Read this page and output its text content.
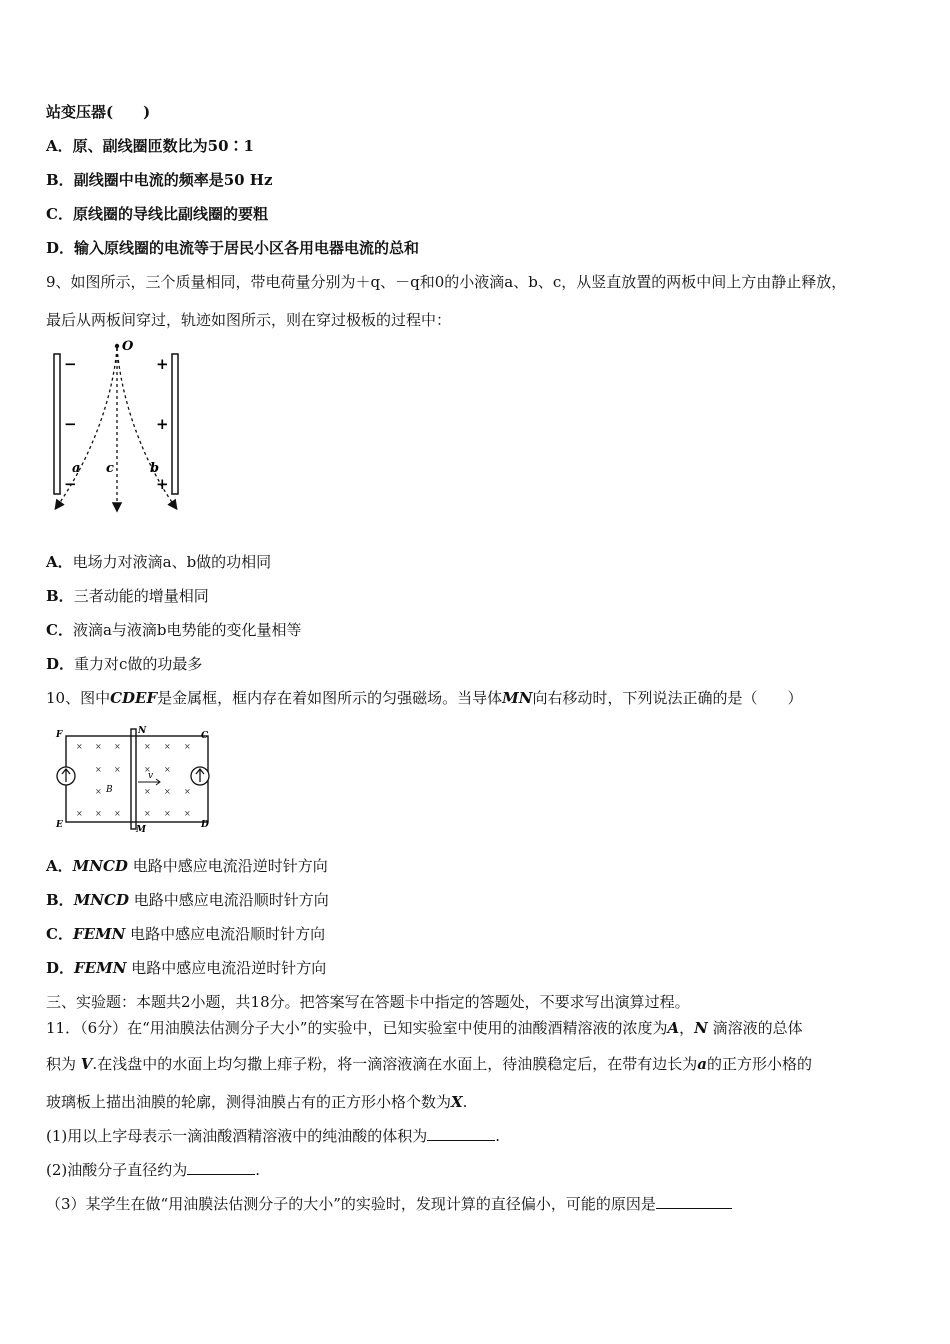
站变压器(　　)
A．原、副线圈匝数比为50∶1
B．副线圈中电流的频率是50 Hz
C．原线圈的导线比副线圈的要粗
D．输入原线圈的电流等于居民小区各用电器电流的总和
9、如图所示，三个质量相同，带电荷量分别为＋q、－q和0的小液滴a、b、c，从竖直放置的两板中间上方由静止释放，
最后从两板间穿过，轨迹如图所示，则在穿过极板的过程中：
−
−
−
+
+
+
O
a c	b
A．电场力对液滴a、b做的功相同
B．三者动能的增量相同
C．液滴a与液滴b电势能的变化量相等
D．重力对c做的功最多
10、图中CDEF是金属框，框内存在着如图所示的匀强磁场。当导体MN向右移动时，下列说法正确的是（　　）
v
B
F	N	C
E	M	D
× × ×	× × ×
× ×	× ×
×	× × ×
× × ×	× × ×
A．MNCD 电路中感应电流沿逆时针方向
B．MNCD 电路中感应电流沿顺时针方向
C．FEMN 电路中感应电流沿顺时针方向
D．FEMN 电路中感应电流沿逆时针方向
三、实验题：本题共2小题，共18分。把答案写在答题卡中指定的答题处，不要求写出演算过程。
11．（6分）在“用油膜法估测分子大小”的实验中，已知实验室中使用的油酸酒精溶液的浓度为A，N 滴溶液的总体
积为 V.在浅盘中的水面上均匀撒上痱子粉，将一滴溶液滴在水面上，待油膜稳定后，在带有边长为a的正方形小格的
玻璃板上描出油膜的轮廓，测得油膜占有的正方形小格个数为X.
(1)用以上字母表示一滴油酸酒精溶液中的纯油酸的体积为	.
(2)油酸分子直径约为	.
（3）某学生在做“用油膜法估测分子的大小”的实验时，发现计算的直径偏小，可能的原因是
